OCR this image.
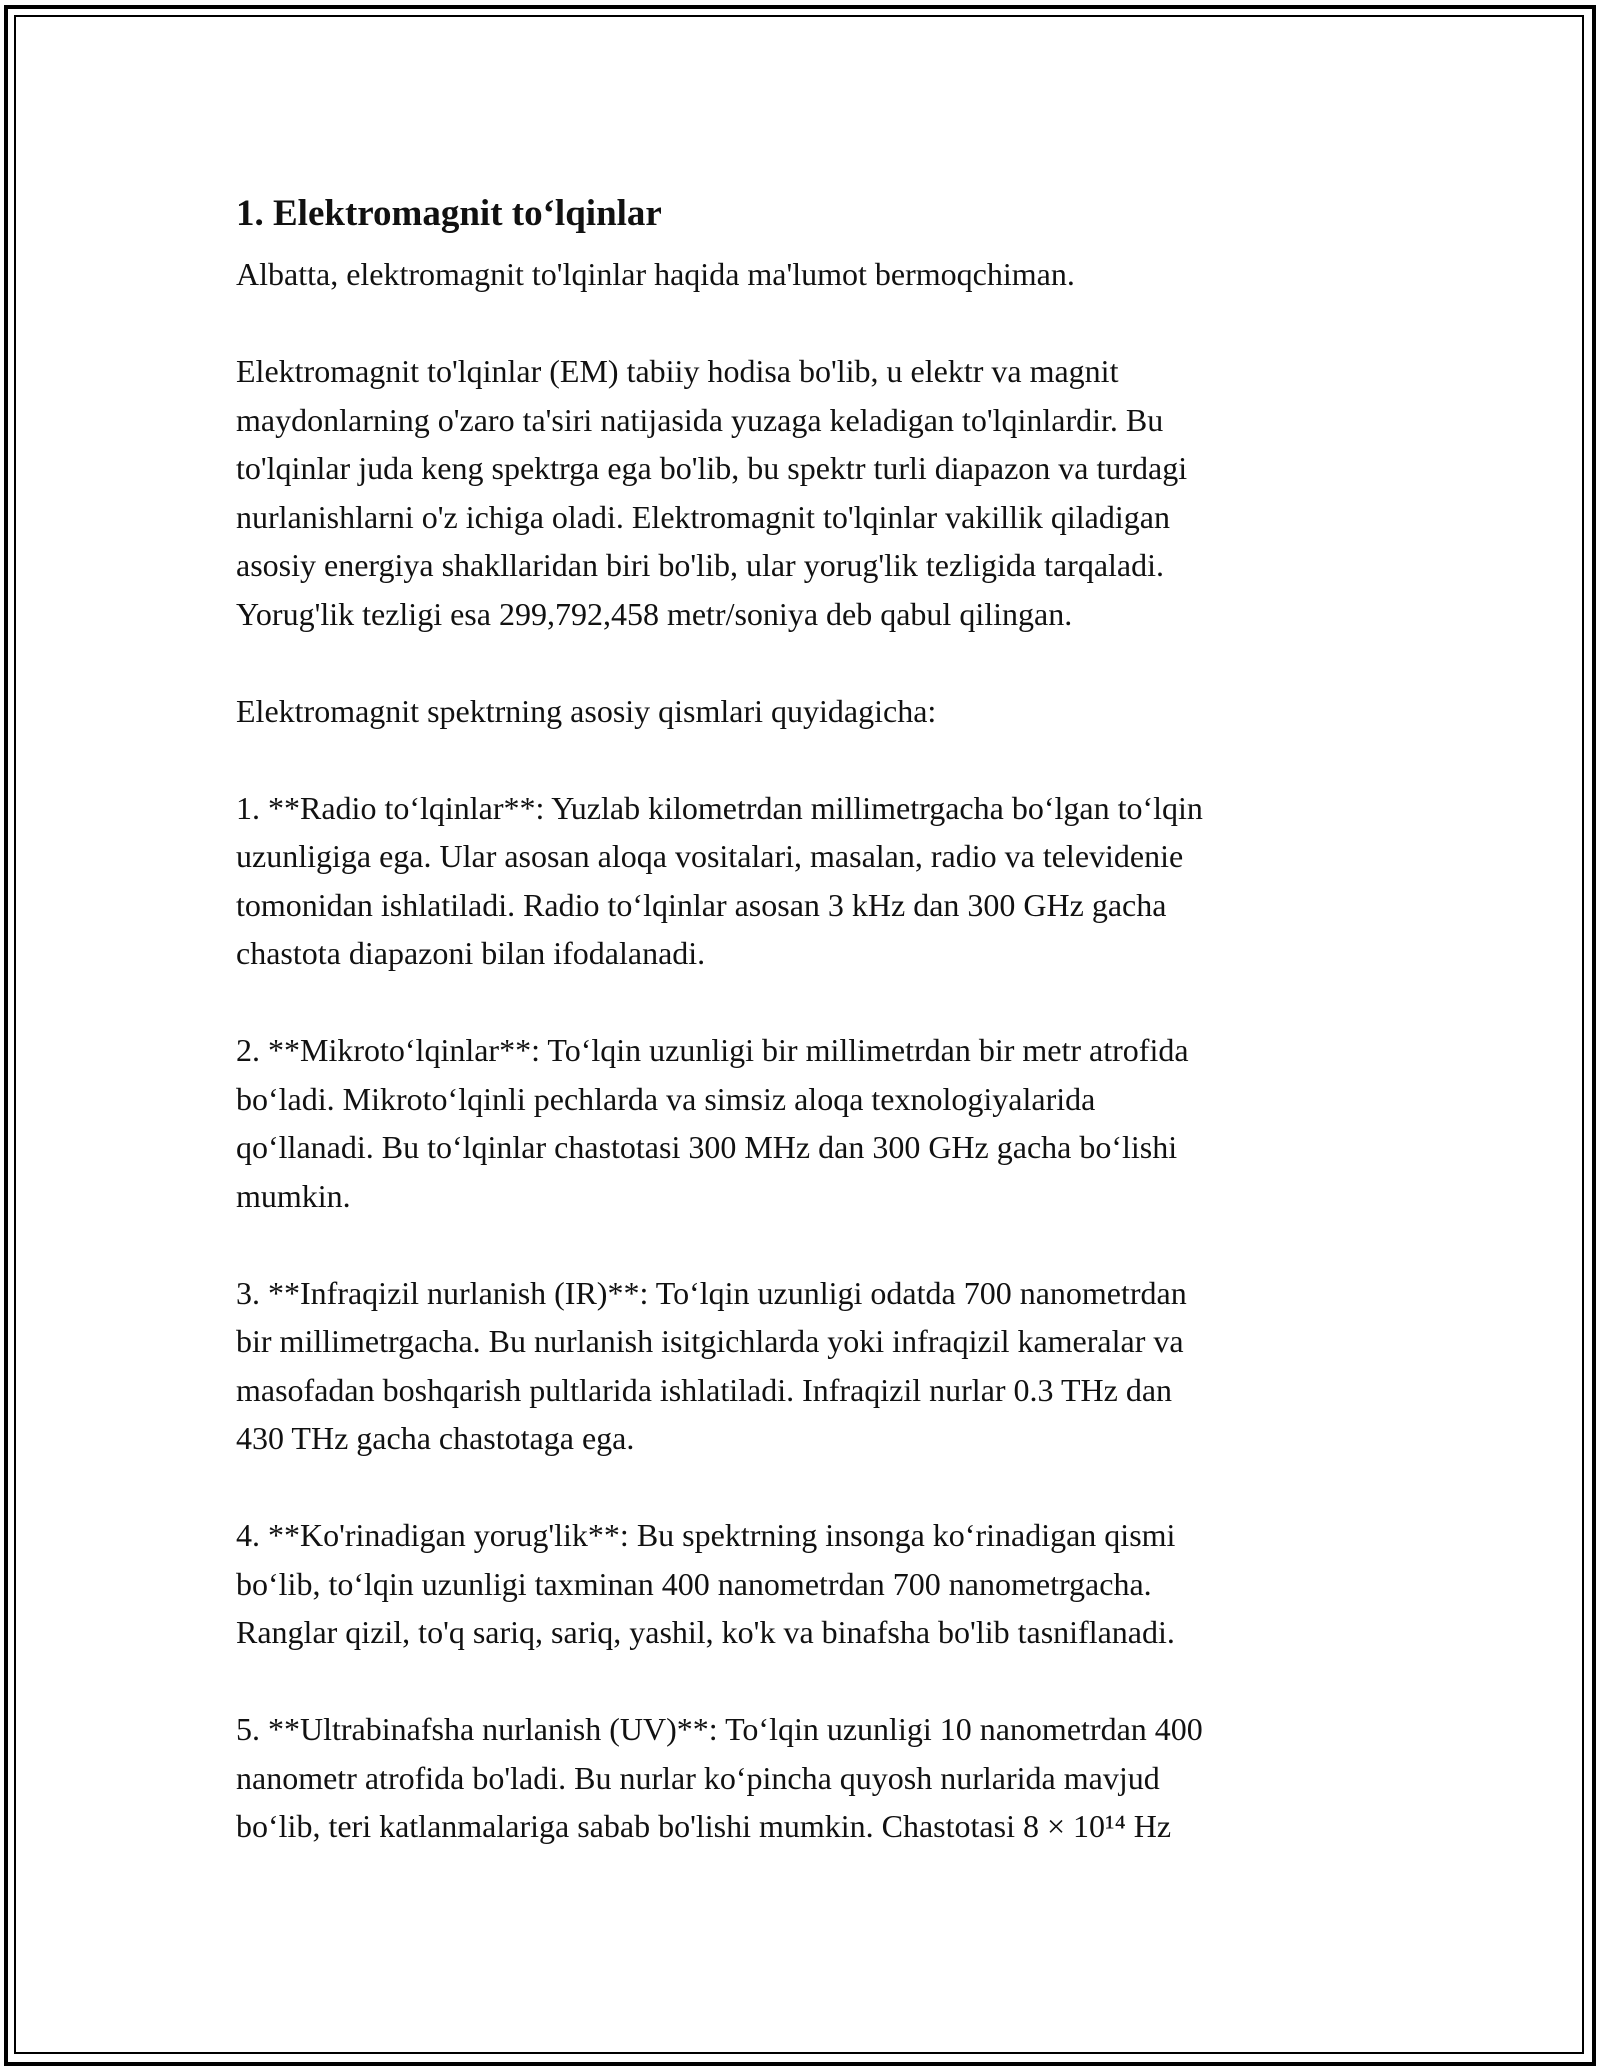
1. Elektromagnit to‘lqinlar
Albatta, elektromagnit to'lqinlar haqida ma'lumot bermoqchiman.
Elektromagnit to'lqinlar (EM) tabiiy hodisa bo'lib, u elektr va magnit
maydonlarning o'zaro ta'siri natijasida yuzaga keladigan to'lqinlardir. Bu
to'lqinlar juda keng spektrga ega bo'lib, bu spektr turli diapazon va turdagi
nurlanishlarni o'z ichiga oladi. Elektromagnit to'lqinlar vakillik qiladigan
asosiy energiya shakllaridan biri bo'lib, ular yorug'lik tezligida tarqaladi.
Yorug'lik tezligi esa 299,792,458 metr/soniya deb qabul qilingan.
Elektromagnit spektrning asosiy qismlari quyidagicha:
1. **Radio to‘lqinlar**: Yuzlab kilometrdan millimetrgacha bo‘lgan to‘lqin
uzunligiga ega. Ular asosan aloqa vositalari, masalan, radio va televidenie
tomonidan ishlatiladi. Radio to‘lqinlar asosan 3 kHz dan 300 GHz gacha
chastota diapazoni bilan ifodalanadi.
2. **Mikroto‘lqinlar**: To‘lqin uzunligi bir millimetrdan bir metr atrofida
bo‘ladi. Mikroto‘lqinli pechlarda va simsiz aloqa texnologiyalarida
qo‘llanadi. Bu to‘lqinlar chastotasi 300 MHz dan 300 GHz gacha bo‘lishi
mumkin.
3. **Infraqizil nurlanish (IR)**: To‘lqin uzunligi odatda 700 nanometrdan
bir millimetrgacha. Bu nurlanish isitgichlarda yoki infraqizil kameralar va
masofadan boshqarish pultlarida ishlatiladi. Infraqizil nurlar 0.3 THz dan
430 THz gacha chastotaga ega.
4. **Ko'rinadigan yorug'lik**: Bu spektrning insonga ko‘rinadigan qismi
bo‘lib, to‘lqin uzunligi taxminan 400 nanometrdan 700 nanometrgacha.
Ranglar qizil, to'q sariq, sariq, yashil, ko'k va binafsha bo'lib tasniflanadi.
5. **Ultrabinafsha nurlanish (UV)**: To‘lqin uzunligi 10 nanometrdan 400
nanometr atrofida bo'ladi. Bu nurlar ko‘pincha quyosh nurlarida mavjud
bo‘lib, teri katlanmalariga sabab bo'lishi mumkin. Chastotasi 8 × 10¹⁴ Hz
